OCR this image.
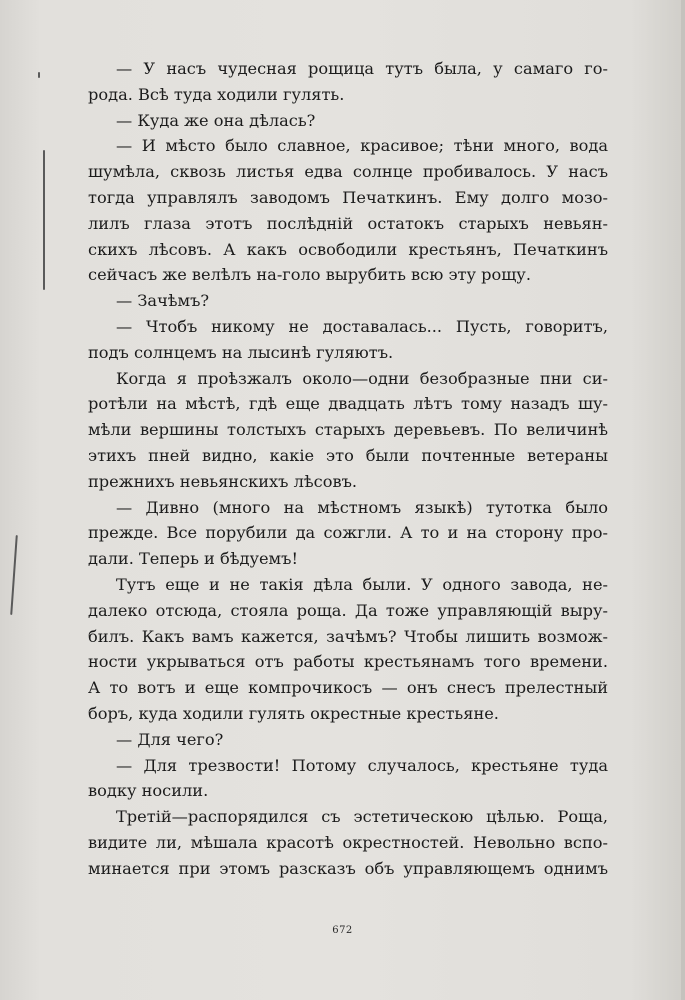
— У насъ чудесная рощица тутъ была, у самаго го-
рода. Всѣ туда ходили гулять.
— Куда же она дѣлась?
— И мѣсто было славное, красивое; тѣни много, вода
шумѣла, сквозь листья едва солнце пробивалось. У насъ
тогда управлялъ заводомъ Печаткинъ. Ему долго мозо-
лилъ глаза этотъ послѣдній остатокъ старыхъ невьян-
скихъ лѣсовъ. А какъ освободили крестьянъ, Печаткинъ
сейчасъ же велѣлъ на-голо вырубить всю эту рощу.
— Зачѣмъ?
— Чтобъ никому не доставалась... Пусть, говоритъ,
подъ солнцемъ на лысинѣ гуляютъ.
Когда я проѣзжалъ около—одни безобразные пни си-
ротѣли на мѣстѣ, гдѣ еще двадцать лѣтъ тому назадъ шу-
мѣли вершины толстыхъ старыхъ деревьевъ. По величинѣ
этихъ пней видно, какіе это были почтенные ветераны
прежнихъ невьянскихъ лѣсовъ.
— Дивно (много на мѣстномъ языкѣ) тутотка было
прежде. Все порубили да сожгли. А то и на сторону про-
дали. Теперь и бѣдуемъ!
Тутъ еще и не такія дѣла были. У одного завода, не-
далеко отсюда, стояла роща. Да тоже управляющій выру-
билъ. Какъ вамъ кажется, зачѣмъ? Чтобы лишить возмож-
ности укрываться отъ работы крестьянамъ того времени.
А то вотъ и еще компрочикосъ — онъ снесъ прелестный
боръ, куда ходили гулять окрестные крестьяне.
— Для чего?
— Для трезвости! Потому случалось, крестьяне туда
водку носили.
Третій—распорядился съ эстетическою цѣлью. Роща,
видите ли, мѣшала красотѣ окрестностей. Невольно вспо-
минается при этомъ разсказъ объ управляющемъ однимъ
672
